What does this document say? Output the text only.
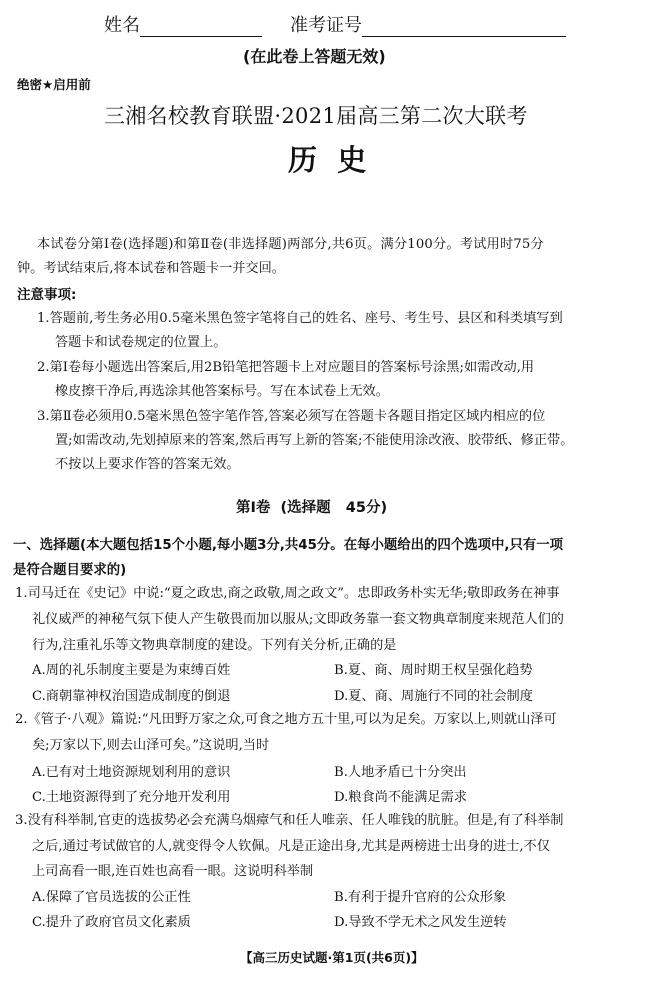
姓名	准考证号
(在此卷上答题无效)
绝密★启用前
三湘名校教育联盟·2021届高三第二次大联考
历  史
本试卷分第Ⅰ卷(选择题)和第Ⅱ卷(非选择题)两部分,共6页。满分100分。考试用时75分
钟。考试结束后,将本试卷和答题卡一并交回。
注意事项:
1.答题前,考生务必用0.5毫米黑色签字笔将自己的姓名、座号、考生号、县区和科类填写到
答题卡和试卷规定的位置上。
2.第Ⅰ卷每小题选出答案后,用2B铅笔把答题卡上对应题目的答案标号涂黑;如需改动,用
橡皮擦干净后,再选涂其他答案标号。写在本试卷上无效。
3.第Ⅱ卷必须用0.5毫米黑色签字笔作答,答案必须写在答题卡各题目指定区域内相应的位
置;如需改动,先划掉原来的答案,然后再写上新的答案;不能使用涂改液、胶带纸、修正带。
不按以上要求作答的答案无效。
第Ⅰ卷  (选择题   45分)
一、选择题(本大题包括15个小题,每小题3分,共45分。在每小题给出的四个选项中,只有一项
是符合题目要求的)
1.司马迁在《史记》中说:“夏之政忠,商之政敬,周之政文”。忠即政务朴实无华;敬即政务在神事
礼仪威严的神秘气氛下使人产生敬畏而加以服从;文即政务靠一套文物典章制度来规范人们的
行为,注重礼乐等文物典章制度的建设。下列有关分析,正确的是
A.周的礼乐制度主要是为束缚百姓	B.夏、商、周时期王权呈强化趋势
C.商朝靠神权治国造成制度的倒退	D.夏、商、周施行不同的社会制度
2.《管子·八观》篇说:“凡田野万家之众,可食之地方五十里,可以为足矣。万家以上,则就山泽可
矣;万家以下,则去山泽可矣。”这说明,当时
A.已有对土地资源规划利用的意识	B.人地矛盾已十分突出
C.土地资源得到了充分地开发利用	D.粮食尚不能满足需求
3.没有科举制,官吏的选拔势必会充满乌烟瘴气和任人唯亲、任人唯钱的肮脏。但是,有了科举制
之后,通过考试做官的人,就变得令人钦佩。凡是正途出身,尤其是两榜进士出身的进士,不仅
上司高看一眼,连百姓也高看一眼。这说明科举制
A.保障了官员选拔的公正性	B.有利于提升官府的公众形象
C.提升了政府官员文化素质	D.导致不学无术之风发生逆转
【高三历史试题·第1页(共6页)】
